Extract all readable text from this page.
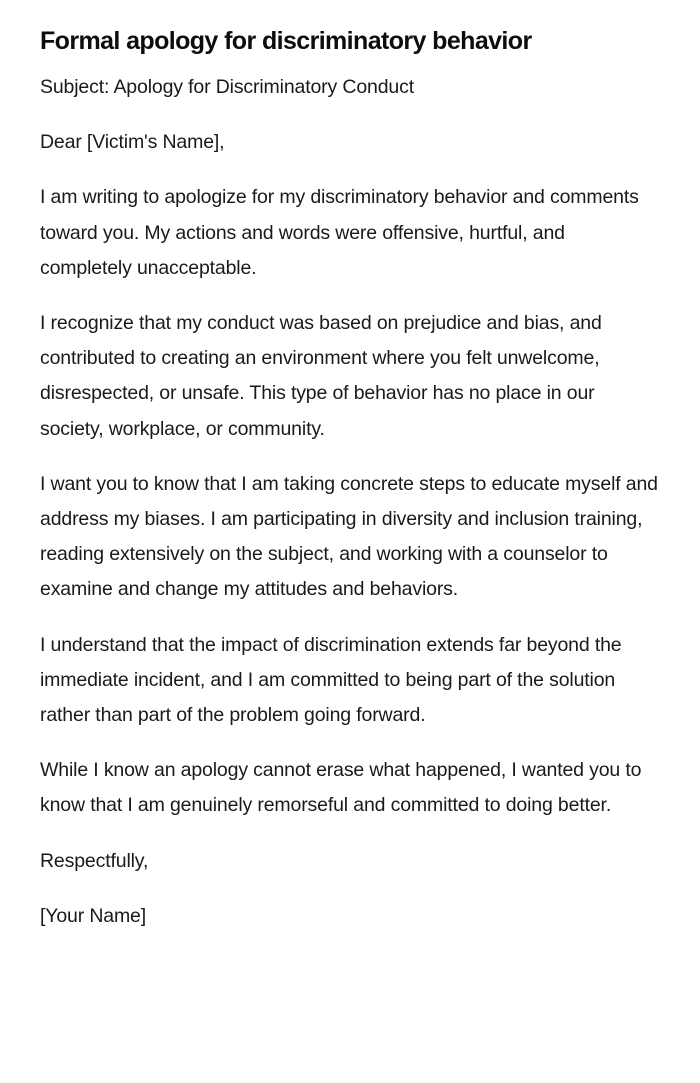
Formal apology for discriminatory behavior

Subject: Apology for Discriminatory Conduct

Dear [Victim's Name],

I am writing to apologize for my discriminatory behavior and comments toward you. My actions and words were offensive, hurtful, and completely unacceptable.

I recognize that my conduct was based on prejudice and bias, and contributed to creating an environment where you felt unwelcome, disrespected, or unsafe. This type of behavior has no place in our society, workplace, or community.

I want you to know that I am taking concrete steps to educate myself and address my biases. I am participating in diversity and inclusion training, reading extensively on the subject, and working with a counselor to examine and change my attitudes and behaviors.

I understand that the impact of discrimination extends far beyond the immediate incident, and I am committed to being part of the solution rather than part of the problem going forward.

While I know an apology cannot erase what happened, I wanted you to know that I am genuinely remorseful and committed to doing better.

Respectfully,

[Your Name]
